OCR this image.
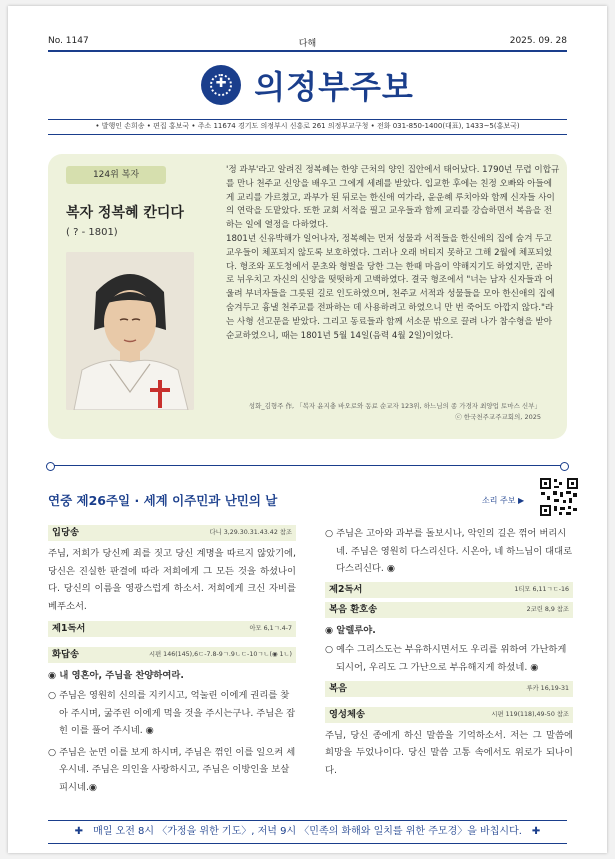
No. 1147	다해	2025. 09. 28
✚ 의정부주보
• 발행인 손희송 • 편집 홍보국 • 주소 11674 경기도 의정부시 신흥로 261 의정부교구청 • 전화 031-850-1400(대표), 1433~5(홍보국)
124위 복자
복자 정복혜 칸디다
( ? - 1801)

'정 과부'라고 알려진 정복혜는 한양 근처의 양인 집안에서 태어났다. 1790년 무렵 이합규를 만나 천주교 신앙을 배우고 그에게 세례를 받았다. 입교한 후에는 친정 오빠와 아들에게 교리를 가르쳤고, 과부가 된 뒤로는 한신애 여가라, 윤운혜 루치아와 함께 신자들 사이의 연락을 도맡았다. 또한 교회 서적을 필고 교우들과 함께 교리를 강습하면서 복음을 전하는 일에 열정을 다하였다.

1801년 신유박해가 일어나자, 정복혜는 먼저 성물과 서적들을 한신애의 집에 숨겨 두고 교우들이 체포되지 않도록 보호하였다. 그러나 오래 버티지 못하고 그해 2월에 체포되었다. 형조와 포도청에서 문초와 형벌을 당한 그는 한때 마음이 약해지기도 하였지만, 곧바로 뉘우치고 자신의 신앙을 떳떳하게 고백하였다. 결국 형조에서 "너는 남자 신자들과 어울려 부녀자들을 그릇된 길로 인도하였으며, 천주교 서적과 성물들을 모아 한신애의 집에 숨겨두고 흉낼 천주교를 전파하는 데 사용하려고 하였으니 만 번 죽어도 아깝지 않다."라는 사형 선고문을 받았다. 그리고 동료들과 함께 서소문 밖으로 끌려 나가 참수형을 받아 순교하였으니, 때는 1801년 5월 14일(음력 4월 2일)이었다.

성화_김형주 作, 「복자 윤지충 바오로와 동료 순교자 123위, 하느님의 종 가경자 최양업 토마스 신부」
ⓒ 한국천주교주교회의, 2025
연중 제26주일 · 세계 이주민과 난민의 날	소리 주보 ▶
입당송	다니 3,29.30.31.43.42 참조

주님, 저희가 당신께 죄를 짓고 당신 계명을 따르지 않았기에, 당신은 진실한 판결에 따라 저희에게 그 모든 것을 하셨나이다. 당신의 이름을 영광스럽게 하소서. 저희에게 크신 자비를 베푸소서.

제1독서	아모 6,1ㄱ.4-7
화답송	시편 146(145),6ㄷ-7.8-9ㄱ.9ㄴㄷ-10ㄱㄴ(◉ 1ㄴ)

◉ 내 영혼아, 주님을 찬양하여라.

○ 주님은 영원히 신의를 지키시고, 억눌린 이에게 권리를 찾아 주시며, 굶주린 이에게 먹을 것을 주시는구나. 주님은 잡힌 이를 풀어 주시네. ◉

○ 주님은 눈먼 이를 보게 하시며, 주님은 꺾인 이를 일으켜 세우시네. 주님은 의인을 사랑하시고, 주님은 이방인을 보살피시네.◉

○ 주님은 고아와 과부를 돌보시나, 악인의 길은 꺾어 버리시네. 주님은 영원히 다스리신다. 시온아, 네 하느님이 대대로 다스리신다. ◉

제2독서	1티모 6,11ㄱㄷ-16
복음 환호송	2코린 8,9 참조

◉ 알렐루야.

○ 예수 그리스도는 부유하시면서도 우리를 위하여 가난하게 되시어, 우리도 그 가난으로 부유해지게 하셨네. ◉

복음	루카 16,19-31
영성체송	시편 119(118),49-50 참조

주님, 당신 종에게 하신 말씀을 기억하소서. 저는 그 말씀에 희망을 두었나이다. 당신 말씀 고통 속에서도 위로가 되나이다.

✚ 매일 오전 8시 〈가정을 위한 기도〉, 저녁 9시 〈민족의 화해와 일치를 위한 주모경〉을 바칩시다. ✚
